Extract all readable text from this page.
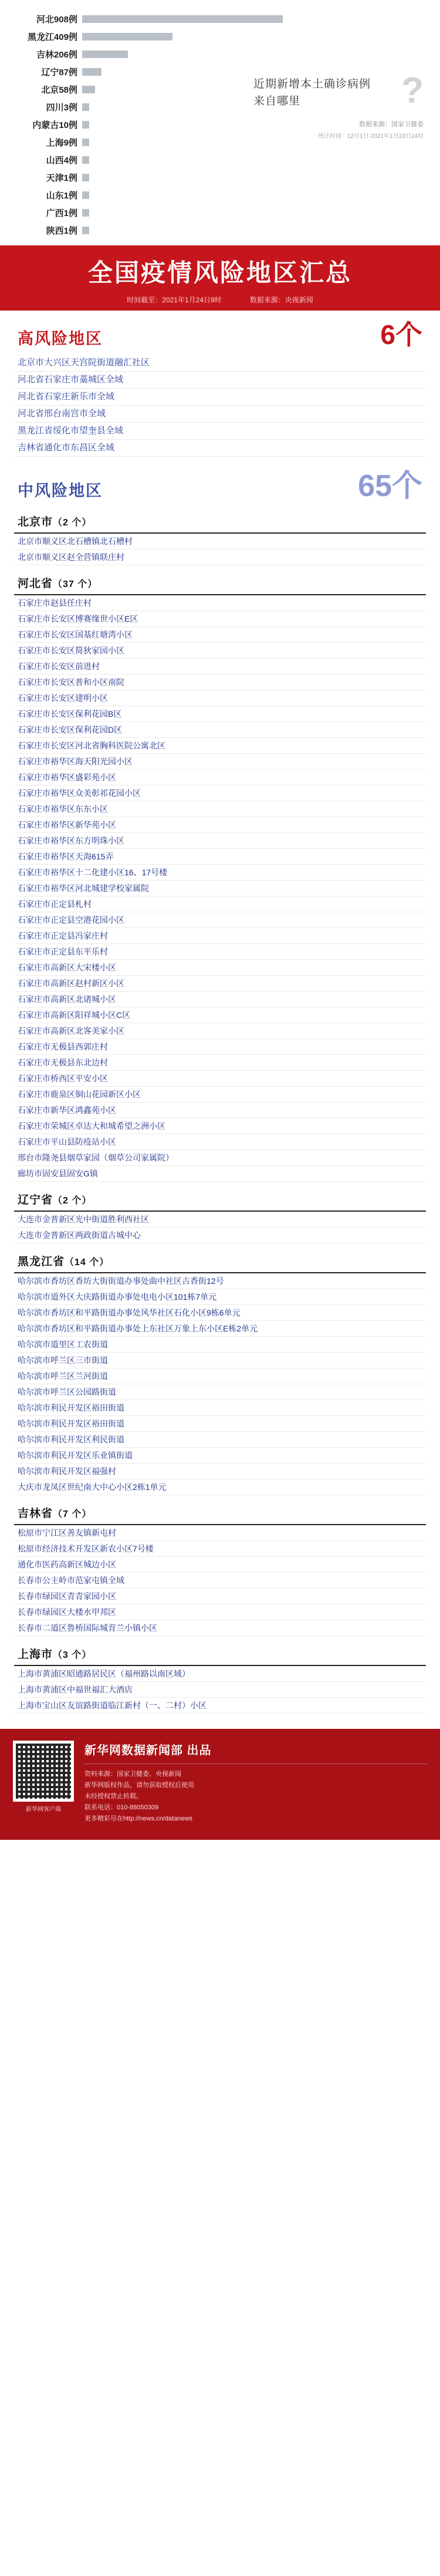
河北908例
黑龙江409例
吉林206例
辽宁87例
北京58例
四川3例
内蒙古10例
上海9例
山西4例
天津1例
山东1例
广西1例
陕西1例
?
近期新增本土确诊病例
来自哪里
数据来源：国家卫健委
统计时间：12月1日-2021年1月23日24时
全国疫情风险地区汇总
时间截至：2021年1月24日9时	数据来源：央视新闻
高风险地区	6个
北京市大兴区天宫院街道融汇社区
河北省石家庄市藁城区全域
河北省石家庄新乐市全域
河北省邢台南宫市全域
黑龙江省绥化市望奎县全域
吉林省通化市东昌区全域
中风险地区	65个
北京市（2 个）
北京市顺义区北石槽镇北石槽村
北京市顺义区赵全营镇联庄村
河北省（37 个）
石家庄市赵县任庄村
石家庄市长安区博赛缘世小区E区
石家庄市长安区国基红塘湾小区
石家庄市长安区简狄家园小区
石家庄市长安区前进村
石家庄市长安区普和小区南院
石家庄市长安区建明小区
石家庄市长安区保利花园B区
石家庄市长安区保利花园D区
石家庄市长安区河北省胸科医院公寓北区
石家庄市裕华区海天阳光园小区
石家庄市裕华区盛彩苑小区
石家庄市裕华区众美彰祁花园小区
石家庄市裕华区东东小区
石家庄市裕华区新华苑小区
石家庄市裕华区东方明珠小区
石家庄市裕华区天海615弄
石家庄市裕华区十二化建小区16、17号楼
石家庄市裕华区河北城建学校家属院
石家庄市正定县札村
石家庄市正定县空港花园小区
石家庄市正定县冯家庄村
石家庄市正定县东平乐村
石家庄市高新区大宋楼小区
石家庄市高新区赵村新区小区
石家庄市高新区北诸城小区
石家庄市高新区阳祥城小区C区
石家庄市高新区北客美家小区
石家庄市无极县西郭庄村
石家庄市无极县东北边村
石家庄市桥西区平安小区
石家庄市鹿泉区铜山花园新区小区
石家庄市新华区鸿鑫苑小区
石家庄市荣城区卓达大和城希望之洲小区
石家庄市平山县防疫站小区
邢台市隆尧县烟草家园（烟草公司家属院）
廊坊市固安县固安G镇
辽宁省（2 个）
大连市金普新区光中街道胜利西社区
大连市金普新区两政街道古城中心
黑龙江省（14 个）
哈尔滨市香坊区香坊大街街道办事处曲中社区古香街12号
哈尔滨市道外区大庆路街道办事处电电小区101栋7单元
哈尔滨市香坊区和平路街道办事处风华社区石化小区9栋6单元
哈尔滨市香坊区和平路街道办事处上东社区万象上东小区E栋2单元
哈尔滨市道里区工农街道
哈尔滨市呼兰区三市街道
哈尔滨市呼兰区兰河街道
哈尔滨市呼兰区公园路街道
哈尔滨市利民开发区裕田街道
哈尔滨市利民开发区裕田街道
哈尔滨市利民开发区利民街道
哈尔滨市利民开发区乐业镇街道
哈尔滨市利民开发区福强村
大庆市龙凤区世纪南大中心小区2栋1单元
吉林省（7 个）
松原市宁江区善友镇新屯村
松原市经济技术开发区新农小区7号楼
通化市医药高新区城边小区
长春市公主岭市范家屯镇全域
长春市绿园区青青家园小区
长春市绿园区大楼水甲邦区
长春市二道区鲁桥国际城育兰小镇小区
上海市（3 个）
上海市黄浦区昭通路居民区（福州路以南区域）
上海市黄浦区中福世福汇大酒店
上海市宝山区友谊路街道临江新村（一、二村）小区
新华网客户端
新华网数据新闻部 出品
资料来源：国家卫健委、央视新闻
新华网版权作品，请勿获取授权后使用
未经授权禁止转载。
联系电话：010-88050309
更多精彩尽在http://news.cn/datanews
